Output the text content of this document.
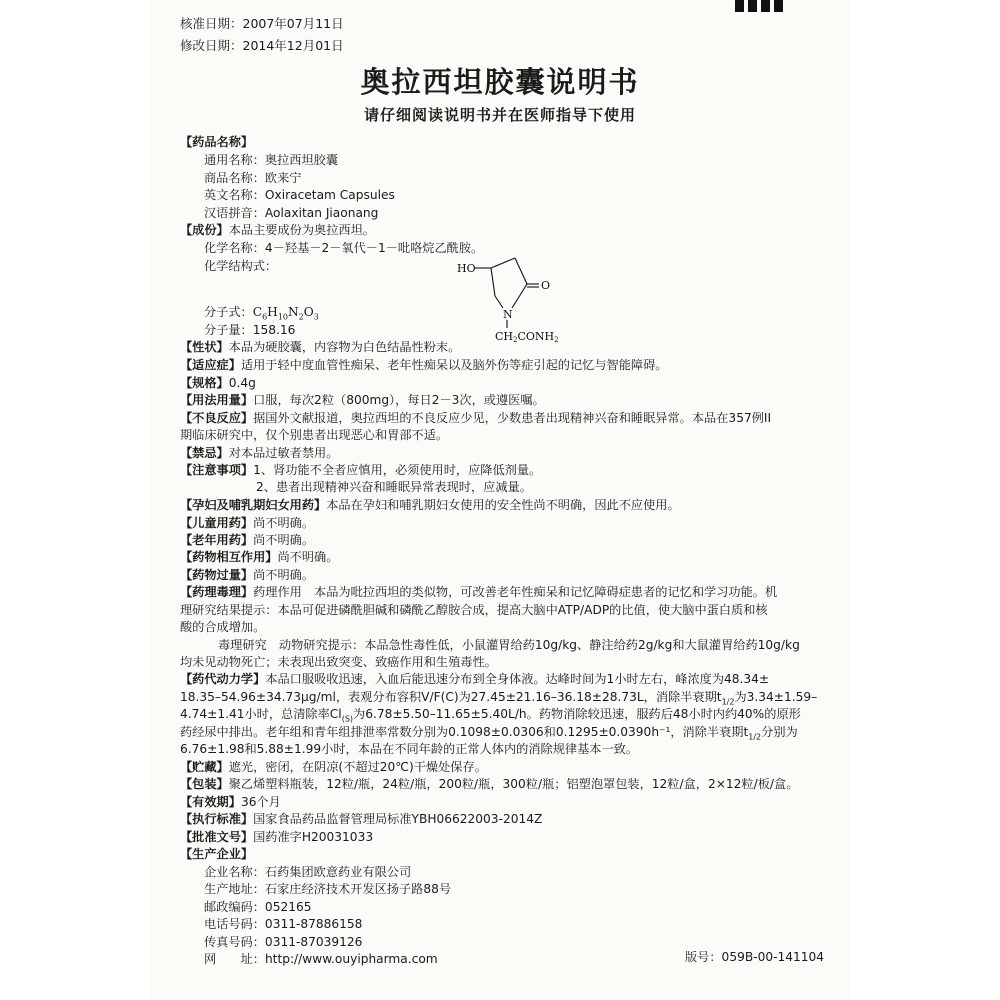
核准日期：2007年07月11日
修改日期：2014年12月01日
奥拉西坦胶囊说明书
请仔细阅读说明书并在医师指导下使用
【药品名称】
通用名称：奥拉西坦胶囊
商品名称：欧来宁
英文名称：Oxiracetam Capsules
汉语拼音：Aolaxitan Jiaonang
【成份】本品主要成份为奥拉西坦。
化学名称：4－羟基－2－氧代－1－吡咯烷乙酰胺。
化学结构式：	HO
O
N
CH2CONH2
分子式：$C_6H_{10}N_2O_3$
分子量：158.16
【性状】本品为硬胶囊，内容物为白色结晶性粉末。
【适应症】适用于轻中度血管性痴呆、老年性痴呆以及脑外伤等症引起的记忆与智能障碍。
【规格】0.4g
【用法用量】口服，每次2粒（800mg），每日2－3次，或遵医嘱。
【不良反应】据国外文献报道，奥拉西坦的不良反应少见，少数患者出现精神兴奋和睡眠异常。本品在357例II
期临床研究中，仅个别患者出现恶心和胃部不适。
【禁忌】对本品过敏者禁用。
【注意事项】1、肾功能不全者应慎用，必须使用时，应降低剂量。
2、患者出现精神兴奋和睡眠异常表现时，应减量。
【孕妇及哺乳期妇女用药】本品在孕妇和哺乳期妇女使用的安全性尚不明确，因此不应使用。
【儿童用药】尚不明确。
【老年用药】尚不明确。
【药物相互作用】尚不明确。
【药物过量】尚不明确。
【药理毒理】药理作用　本品为吡拉西坦的类似物，可改善老年性痴呆和记忆障碍症患者的记忆和学习功能。机
理研究结果提示：本品可促进磷酰胆碱和磷酰乙醇胺合成，提高大脑中ATP/ADP的比值，使大脑中蛋白质和核
酸的合成增加。
毒理研究　动物研究提示：本品急性毒性低，小鼠灌胃给药10g/kg、静注给药2g/kg和大鼠灌胃给药10g/kg
均未见动物死亡；未表现出致突变、致癌作用和生殖毒性。
【药代动力学】本品口服吸收迅速，入血后能迅速分布到全身体液。达峰时间为1小时左右，峰浓度为48.34±
18.35–54.96±34.73μg/ml，表观分布容积V/F(C)为27.45±21.16–36.18±28.73L，消除半衰期$t_{1/2}$为3.34±1.59–
4.74±1.41小时，总清除率$Cl_{(S)}$为6.78±5.50–11.65±5.40L/h。药物消除较迅速，服药后48小时内约40%的原形
药经尿中排出。老年组和青年组排泄率常数分别为0.1098±0.0306和0.1295±0.0390h⁻¹，消除半衰期$t_{1/2}$分别为
6.76±1.98和5.88±1.99小时，本品在不同年龄的正常人体内的消除规律基本一致。
【贮藏】遮光，密闭，在阴凉(不超过20℃)干燥处保存。
【包装】聚乙烯塑料瓶装，12粒/瓶，24粒/瓶，200粒/瓶，300粒/瓶；铝塑泡罩包装，12粒/盒，2×12粒/板/盒。
【有效期】36个月
【执行标准】国家食品药品监督管理局标准YBH06622003-2014Z
【批准文号】国药准字H20031033
【生产企业】
企业名称：石药集团欧意药业有限公司
生产地址：石家庄经济技术开发区扬子路88号
邮政编码：052165
电话号码：0311-87886158
传真号码：0311-87039126
网　　址：http://www.ouyipharma.com	版号：059B-00-141104
